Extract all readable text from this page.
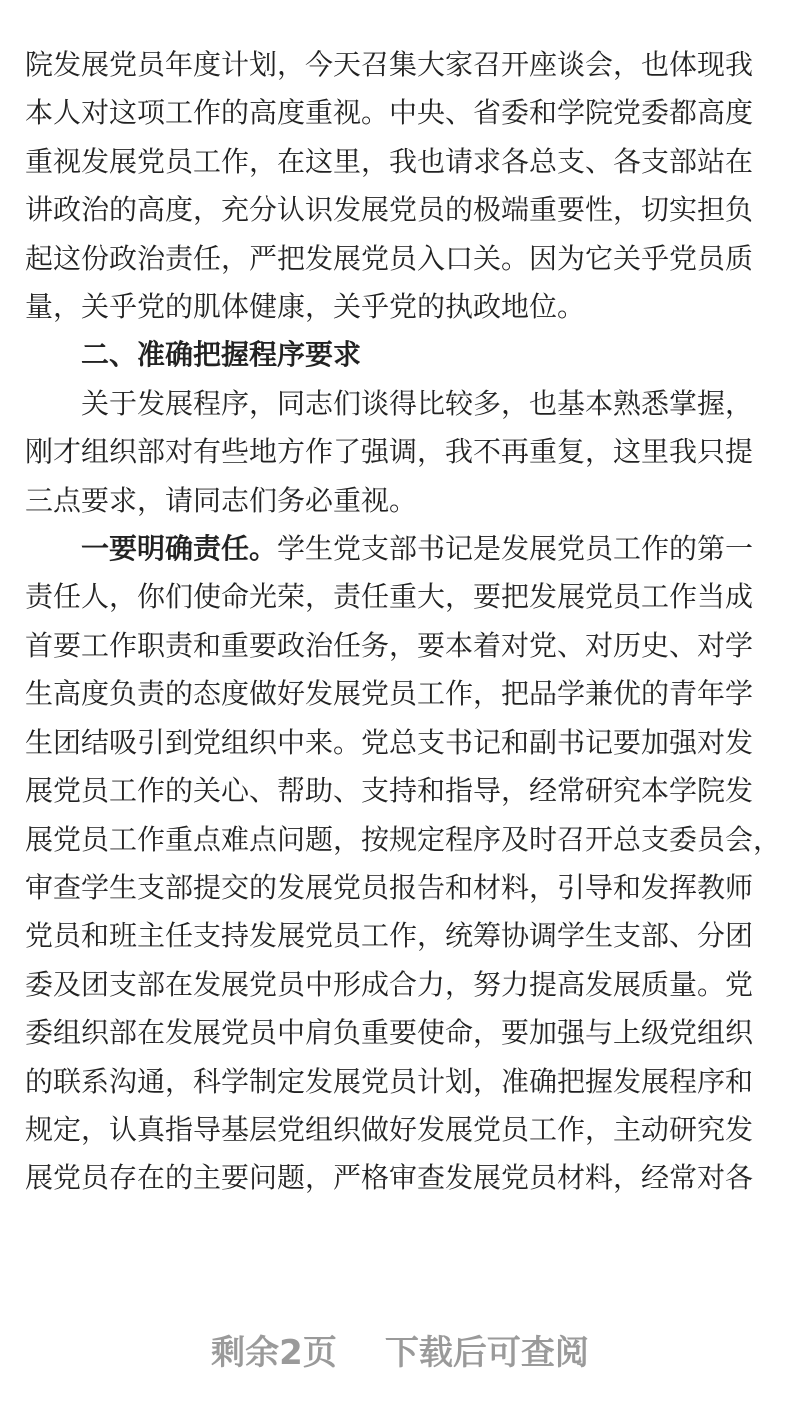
院发展党员年度计划，今天召集大家召开座谈会，也体现我
本人对这项工作的高度重视。中央、省委和学院党委都高度
重视发展党员工作，在这里，我也请求各总支、各支部站在
讲政治的高度，充分认识发展党员的极端重要性，切实担负
起这份政治责任，严把发展党员入口关。因为它关乎党员质
量，关乎党的肌体健康，关乎党的执政地位。
二、准确把握程序要求
关于发展程序，同志们谈得比较多，也基本熟悉掌握，
刚才组织部对有些地方作了强调，我不再重复，这里我只提
三点要求，请同志们务必重视。
一要明确责任。学生党支部书记是发展党员工作的第一
责任人，你们使命光荣，责任重大，要把发展党员工作当成
首要工作职责和重要政治任务，要本着对党、对历史、对学
生高度负责的态度做好发展党员工作，把品学兼优的青年学
生团结吸引到党组织中来。党总支书记和副书记要加强对发
展党员工作的关心、帮助、支持和指导，经常研究本学院发
展党员工作重点难点问题，按规定程序及时召开总支委员会，
审查学生支部提交的发展党员报告和材料，引导和发挥教师
党员和班主任支持发展党员工作，统筹协调学生支部、分团
委及团支部在发展党员中形成合力，努力提高发展质量。党
委组织部在发展党员中肩负重要使命，要加强与上级党组织
的联系沟通，科学制定发展党员计划，准确把握发展程序和
规定，认真指导基层党组织做好发展党员工作，主动研究发
展党员存在的主要问题，严格审查发展党员材料，经常对各
剩余2页 下载后可查阅
